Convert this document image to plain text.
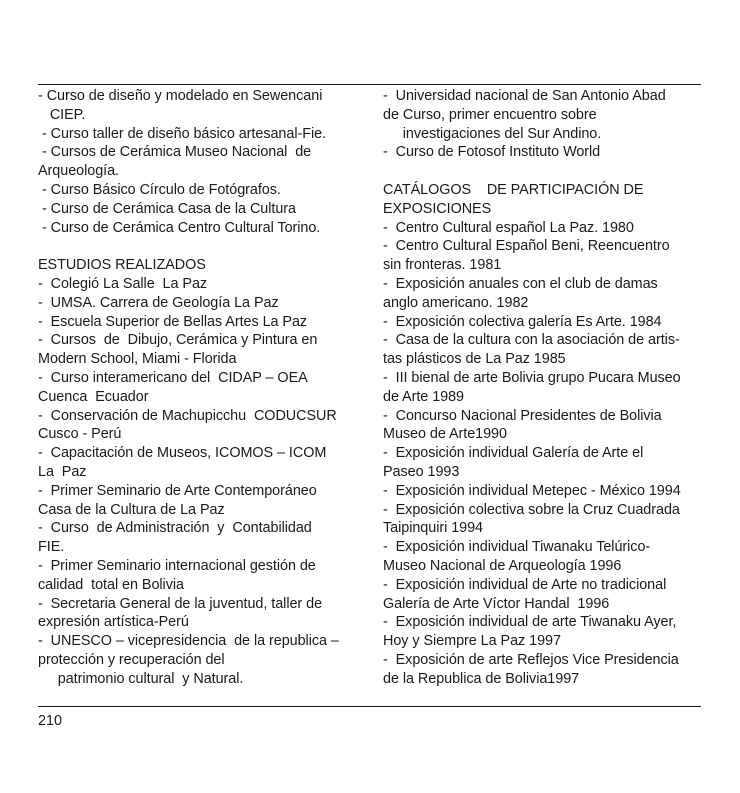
- Curso de diseño y modelado en Sewencani
CIEP.
- Curso taller de diseño básico artesanal-Fie.
- Cursos de Cerámica Museo Nacional  de
Arqueología.
- Curso Básico Círculo de Fotógrafos.
- Curso de Cerámica Casa de la Cultura
- Curso de Cerámica Centro Cultural Torino.
ESTUDIOS REALIZADOS
-  Colegió La Salle  La Paz
-  UMSA. Carrera de Geología La Paz
-  Escuela Superior de Bellas Artes La Paz
-  Cursos  de  Dibujo, Cerámica y Pintura en
Modern School, Miami - Florida
-  Curso interamericano del  CIDAP – OEA
Cuenca  Ecuador
-  Conservación de Machupicchu  CODUCSUR
Cusco - Perú
-  Capacitación de Museos, ICOMOS – ICOM
La  Paz
-  Primer Seminario de Arte Contemporáneo
Casa de la Cultura de La Paz
-  Curso  de Administración  y  Contabilidad
FIE.
-  Primer Seminario internacional gestión de
calidad  total en Bolivia
-  Secretaria General de la juventud, taller de
expresión artística-Perú
-  UNESCO – vicepresidencia  de la republica –
protección y recuperación del
patrimonio cultural  y Natural.
-  Universidad nacional de San Antonio Abad
de Curso, primer encuentro sobre
investigaciones del Sur Andino.
-  Curso de Fotosof Instituto World
CATÁLOGOS    DE PARTICIPACIÓN DE
EXPOSICIONES
-  Centro Cultural español La Paz. 1980
-  Centro Cultural Español Beni, Reencuentro
sin fronteras. 1981
-  Exposición anuales con el club de damas
anglo americano. 1982
-  Exposición colectiva galería Es Arte. 1984
-  Casa de la cultura con la asociación de artis-
tas plásticos de La Paz 1985
-  III bienal de arte Bolivia grupo Pucara Museo
de Arte 1989
-  Concurso Nacional Presidentes de Bolivia
Museo de Arte1990
-  Exposición individual Galería de Arte el
Paseo 1993
-  Exposición individual Metepec - México 1994
-  Exposición colectiva sobre la Cruz Cuadrada
Taipinquiri 1994
-  Exposición individual Tiwanaku Telúrico-
Museo Nacional de Arqueología 1996
-  Exposición individual de Arte no tradicional
Galería de Arte Víctor Handal  1996
-  Exposición individual de arte Tiwanaku Ayer,
Hoy y Siempre La Paz 1997
-  Exposición de arte Reflejos Vice Presidencia
de la Republica de Bolivia1997
210
